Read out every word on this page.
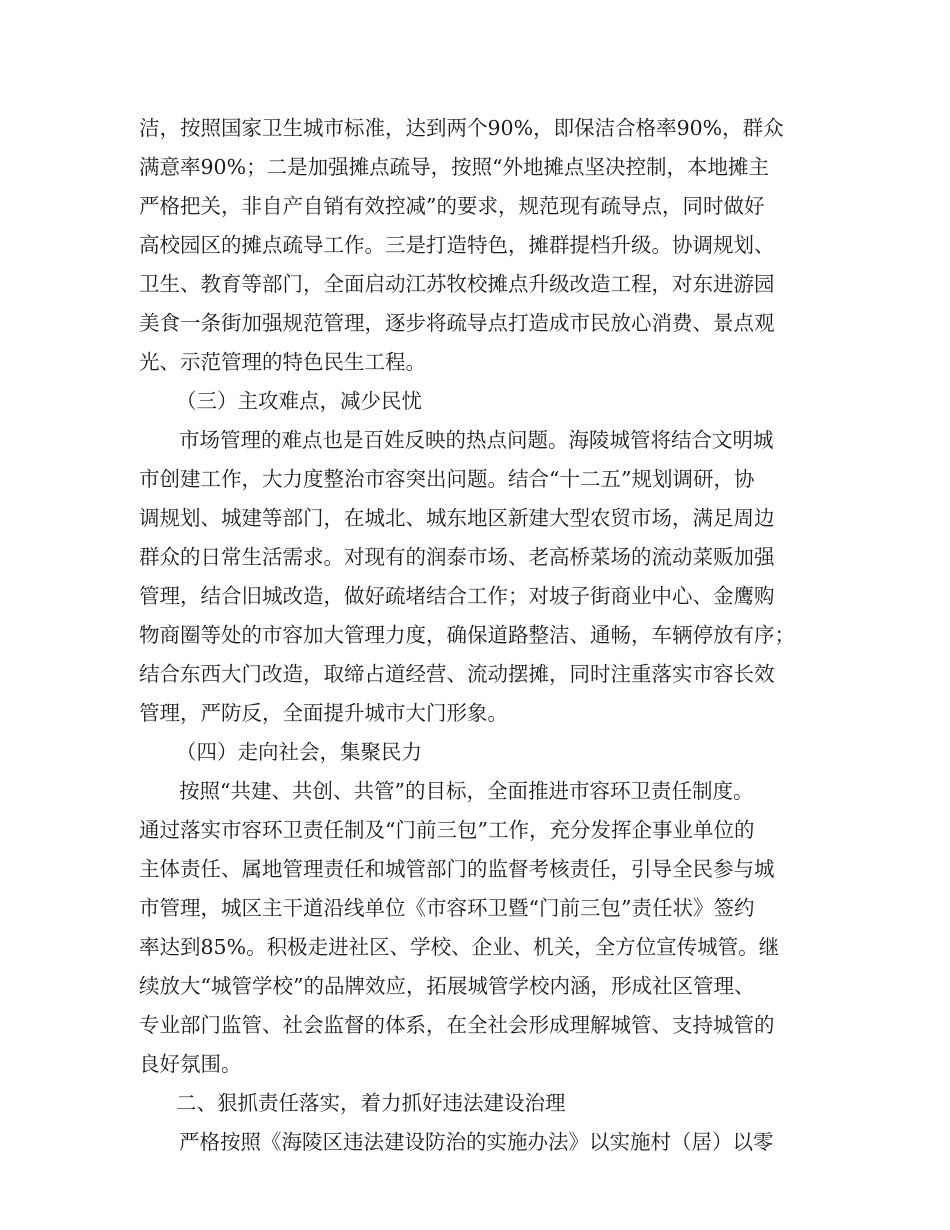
洁，按照国家卫生城市标准，达到两个90%，即保洁合格率90%，群众

满意率90%；二是加强摊点疏导，按照“外地摊点坚决控制，本地摊主

严格把关，非自产自销有效控减”的要求，规范现有疏导点，同时做好

高校园区的摊点疏导工作。三是打造特色，摊群提档升级。协调规划、

卫生、教育等部门，全面启动江苏牧校摊点升级改造工程，对东进游园

美食一条街加强规范管理，逐步将疏导点打造成市民放心消费、景点观

光、示范管理的特色民生工程。

（三）主攻难点，减少民忧

市场管理的难点也是百姓反映的热点问题。海陵城管将结合文明城

市创建工作，大力度整治市容突出问题。结合“十二五”规划调研，协

调规划、城建等部门，在城北、城东地区新建大型农贸市场，满足周边

群众的日常生活需求。对现有的润泰市场、老高桥菜场的流动菜贩加强

管理，结合旧城改造，做好疏堵结合工作；对坡子街商业中心、金鹰购

物商圈等处的市容加大管理力度，确保道路整洁、通畅，车辆停放有序；

结合东西大门改造，取缔占道经营、流动摆摊，同时注重落实市容长效

管理，严防反，全面提升城市大门形象。

（四）走向社会，集聚民力

按照“共建、共创、共管”的目标，全面推进市容环卫责任制度。

通过落实市容环卫责任制及“门前三包”工作，充分发挥企事业单位的

主体责任、属地管理责任和城管部门的监督考核责任，引导全民参与城

市管理，城区主干道沿线单位《市容环卫暨“门前三包”责任状》签约

率达到85%。积极走进社区、学校、企业、机关，全方位宣传城管。继

续放大“城管学校”的品牌效应，拓展城管学校内涵，形成社区管理、

专业部门监管、社会监督的体系，在全社会形成理解城管、支持城管的

良好氛围。

二、狠抓责任落实，着力抓好违法建设治理

严格按照《海陵区违法建设防治的实施办法》以实施村（居）以零
